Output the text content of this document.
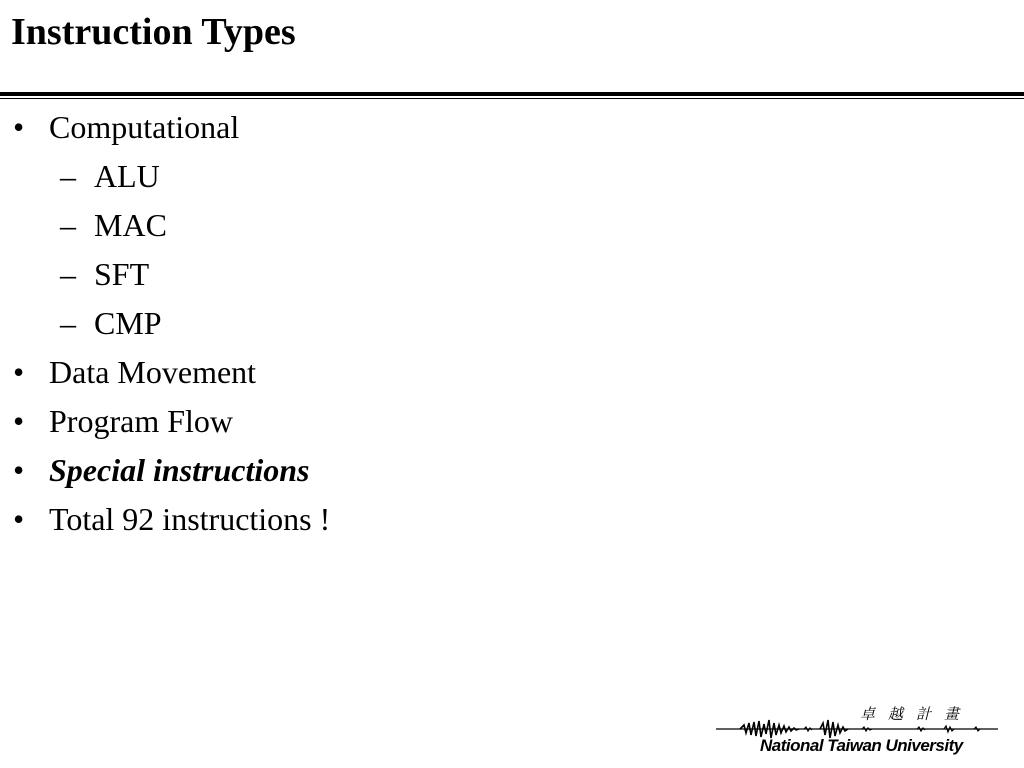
Instruction Types
• Computational
– ALU
– MAC
– SFT
– CMP
• Data Movement
• Program Flow
• Special instructions
• Total 92 instructions !
卓越計畫
National Taiwan University
